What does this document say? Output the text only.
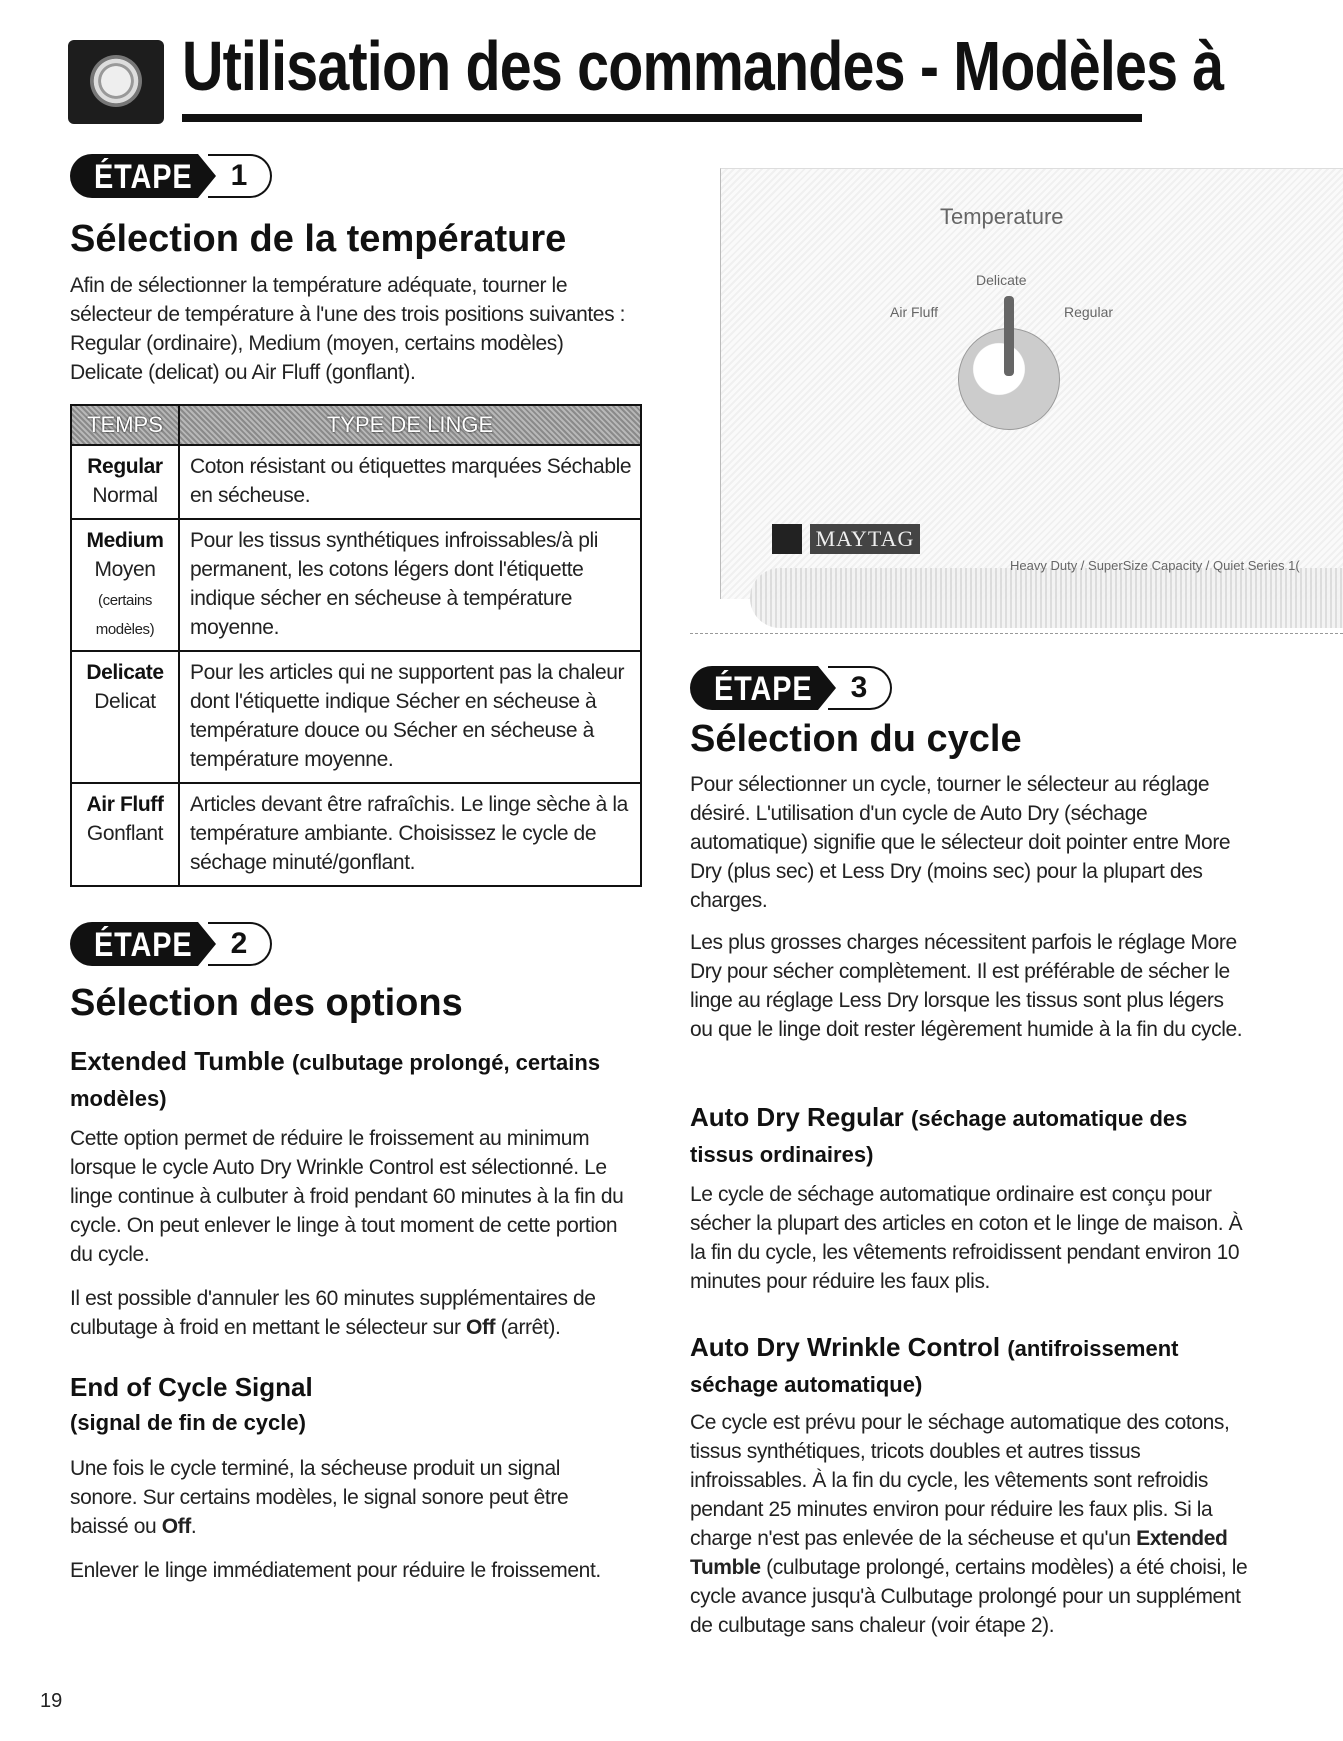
Utilisation des commandes - Modèles à
ÉTAPE	1
Sélection de la température

Afin de sélectionner la température adéquate, tourner le sélecteur de température à l'une des trois positions suivantes : Regular (ordinaire), Medium (moyen, certains modèles) Delicate (delicat) ou Air Fluff (gonflant).

TEMPS	TYPE DE LINGE
Regular
Normal	Coton résistant ou étiquettes marquées Séchable en sécheuse.
Medium
Moyen
(certains modèles)	Pour les tissus synthétiques infroissables/à pli permanent, les cotons légers dont l'étiquette indique sécher en sécheuse à température moyenne.
Delicate
Delicat	Pour les articles qui ne supportent pas la chaleur dont l'étiquette indique Sécher en sécheuse à température douce ou Sécher en sécheuse à température moyenne.
Air Fluff
Gonflant	Articles devant être rafraîchis. Le linge sèche à la température ambiante. Choisissez le cycle de séchage minuté/gonflant.
ÉTAPE	2
Sélection des options
Extended Tumble (culbutage prolongé, certains modèles)

Cette option permet de réduire le froissement au minimum lorsque le cycle Auto Dry Wrinkle Control est sélectionné. Le linge continue à culbuter à froid pendant 60 minutes à la fin du cycle. On peut enlever le linge à tout moment de cette portion du cycle.

Il est possible d'annuler les 60 minutes supplémentaires de culbutage à froid en mettant le sélecteur sur Off (arrêt).

End of Cycle Signal
(signal de fin de cycle)

Une fois le cycle terminé, la sécheuse produit un signal sonore. Sur certains modèles, le signal sonore peut être baissé ou Off.

Enlever le linge immédiatement pour réduire le froissement.

Temperature
Delicate
Air Fluff	Regular
MAYTAG
Heavy Duty / SuperSize Capacity / Quiet Series 1(
ÉTAPE	3
Sélection du cycle

Pour sélectionner un cycle, tourner le sélecteur au réglage désiré. L'utilisation d'un cycle de Auto Dry (séchage automatique) signifie que le sélecteur doit pointer entre More Dry (plus sec) et Less Dry (moins sec) pour la plupart des charges.

Les plus grosses charges nécessitent parfois le réglage More Dry pour sécher complètement. Il est préférable de sécher le linge au réglage Less Dry lorsque les tissus sont plus légers ou que le linge doit rester légèrement humide à la fin du cycle.

Auto Dry Regular (séchage automatique des tissus ordinaires)

Le cycle de séchage automatique ordinaire est conçu pour sécher la plupart des articles en coton et le linge de maison. À la fin du cycle, les vêtements refroidissent pendant environ 10 minutes pour réduire les faux plis.

Auto Dry Wrinkle Control (antifroissement séchage automatique)

Ce cycle est prévu pour le séchage automatique des cotons, tissus synthétiques, tricots doubles et autres tissus infroissables. À la fin du cycle, les vêtements sont refroidis pendant 25 minutes environ pour réduire les faux plis. Si la charge n'est pas enlevée de la sécheuse et qu'un Extended Tumble (culbutage prolongé, certains modèles) a été choisi, le cycle avance jusqu'à Culbutage prolongé pour un supplément de culbutage sans chaleur (voir étape 2).

19
